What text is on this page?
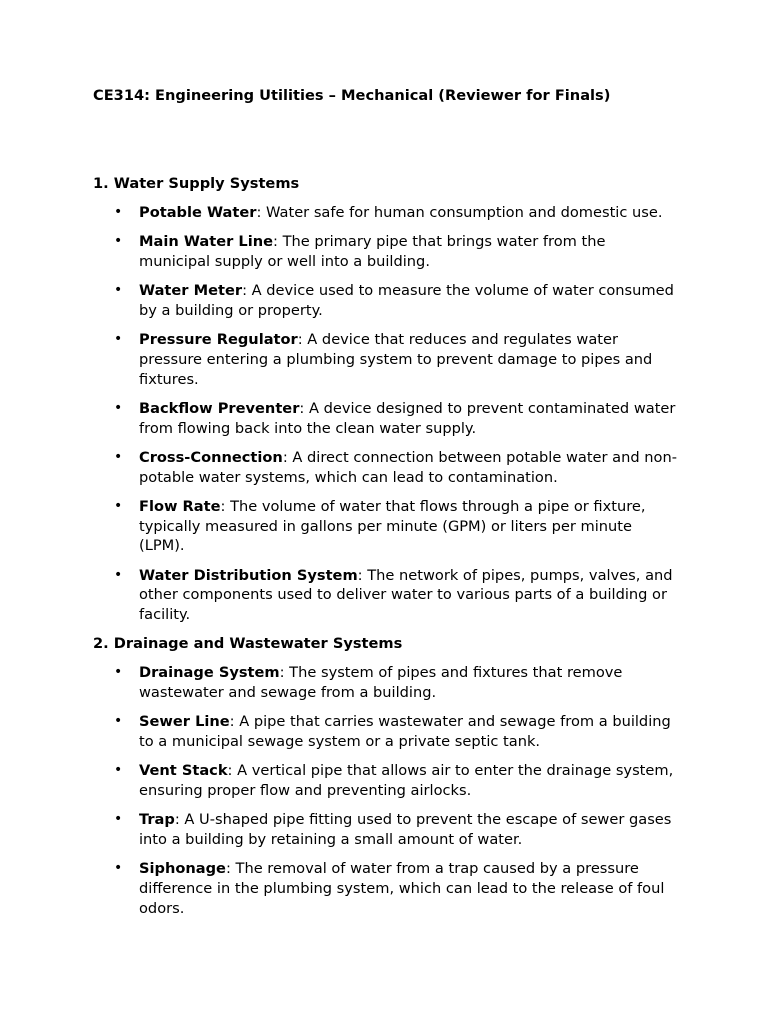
CE314: Engineering Utilities – Mechanical (Reviewer for Finals)
1. Water Supply Systems
• Potable Water: Water safe for human consumption and domestic use.
• Main Water Line: The primary pipe that brings water from the municipal supply or well into a building.
• Water Meter: A device used to measure the volume of water consumed by a building or property.
• Pressure Regulator: A device that reduces and regulates water pressure entering a plumbing system to prevent damage to pipes and fixtures.
• Backflow Preventer: A device designed to prevent contaminated water from flowing back into the clean water supply.
• Cross-Connection: A direct connection between potable water and non-potable water systems, which can lead to contamination.
• Flow Rate: The volume of water that flows through a pipe or fixture, typically measured in gallons per minute (GPM) or liters per minute (LPM).
• Water Distribution System: The network of pipes, pumps, valves, and other components used to deliver water to various parts of a building or facility.
2. Drainage and Wastewater Systems
• Drainage System: The system of pipes and fixtures that remove wastewater and sewage from a building.
• Sewer Line: A pipe that carries wastewater and sewage from a building to a municipal sewage system or a private septic tank.
• Vent Stack: A vertical pipe that allows air to enter the drainage system, ensuring proper flow and preventing airlocks.
• Trap: A U-shaped pipe fitting used to prevent the escape of sewer gases into a building by retaining a small amount of water.
• Siphonage: The removal of water from a trap caused by a pressure difference in the plumbing system, which can lead to the release of foul odors.
